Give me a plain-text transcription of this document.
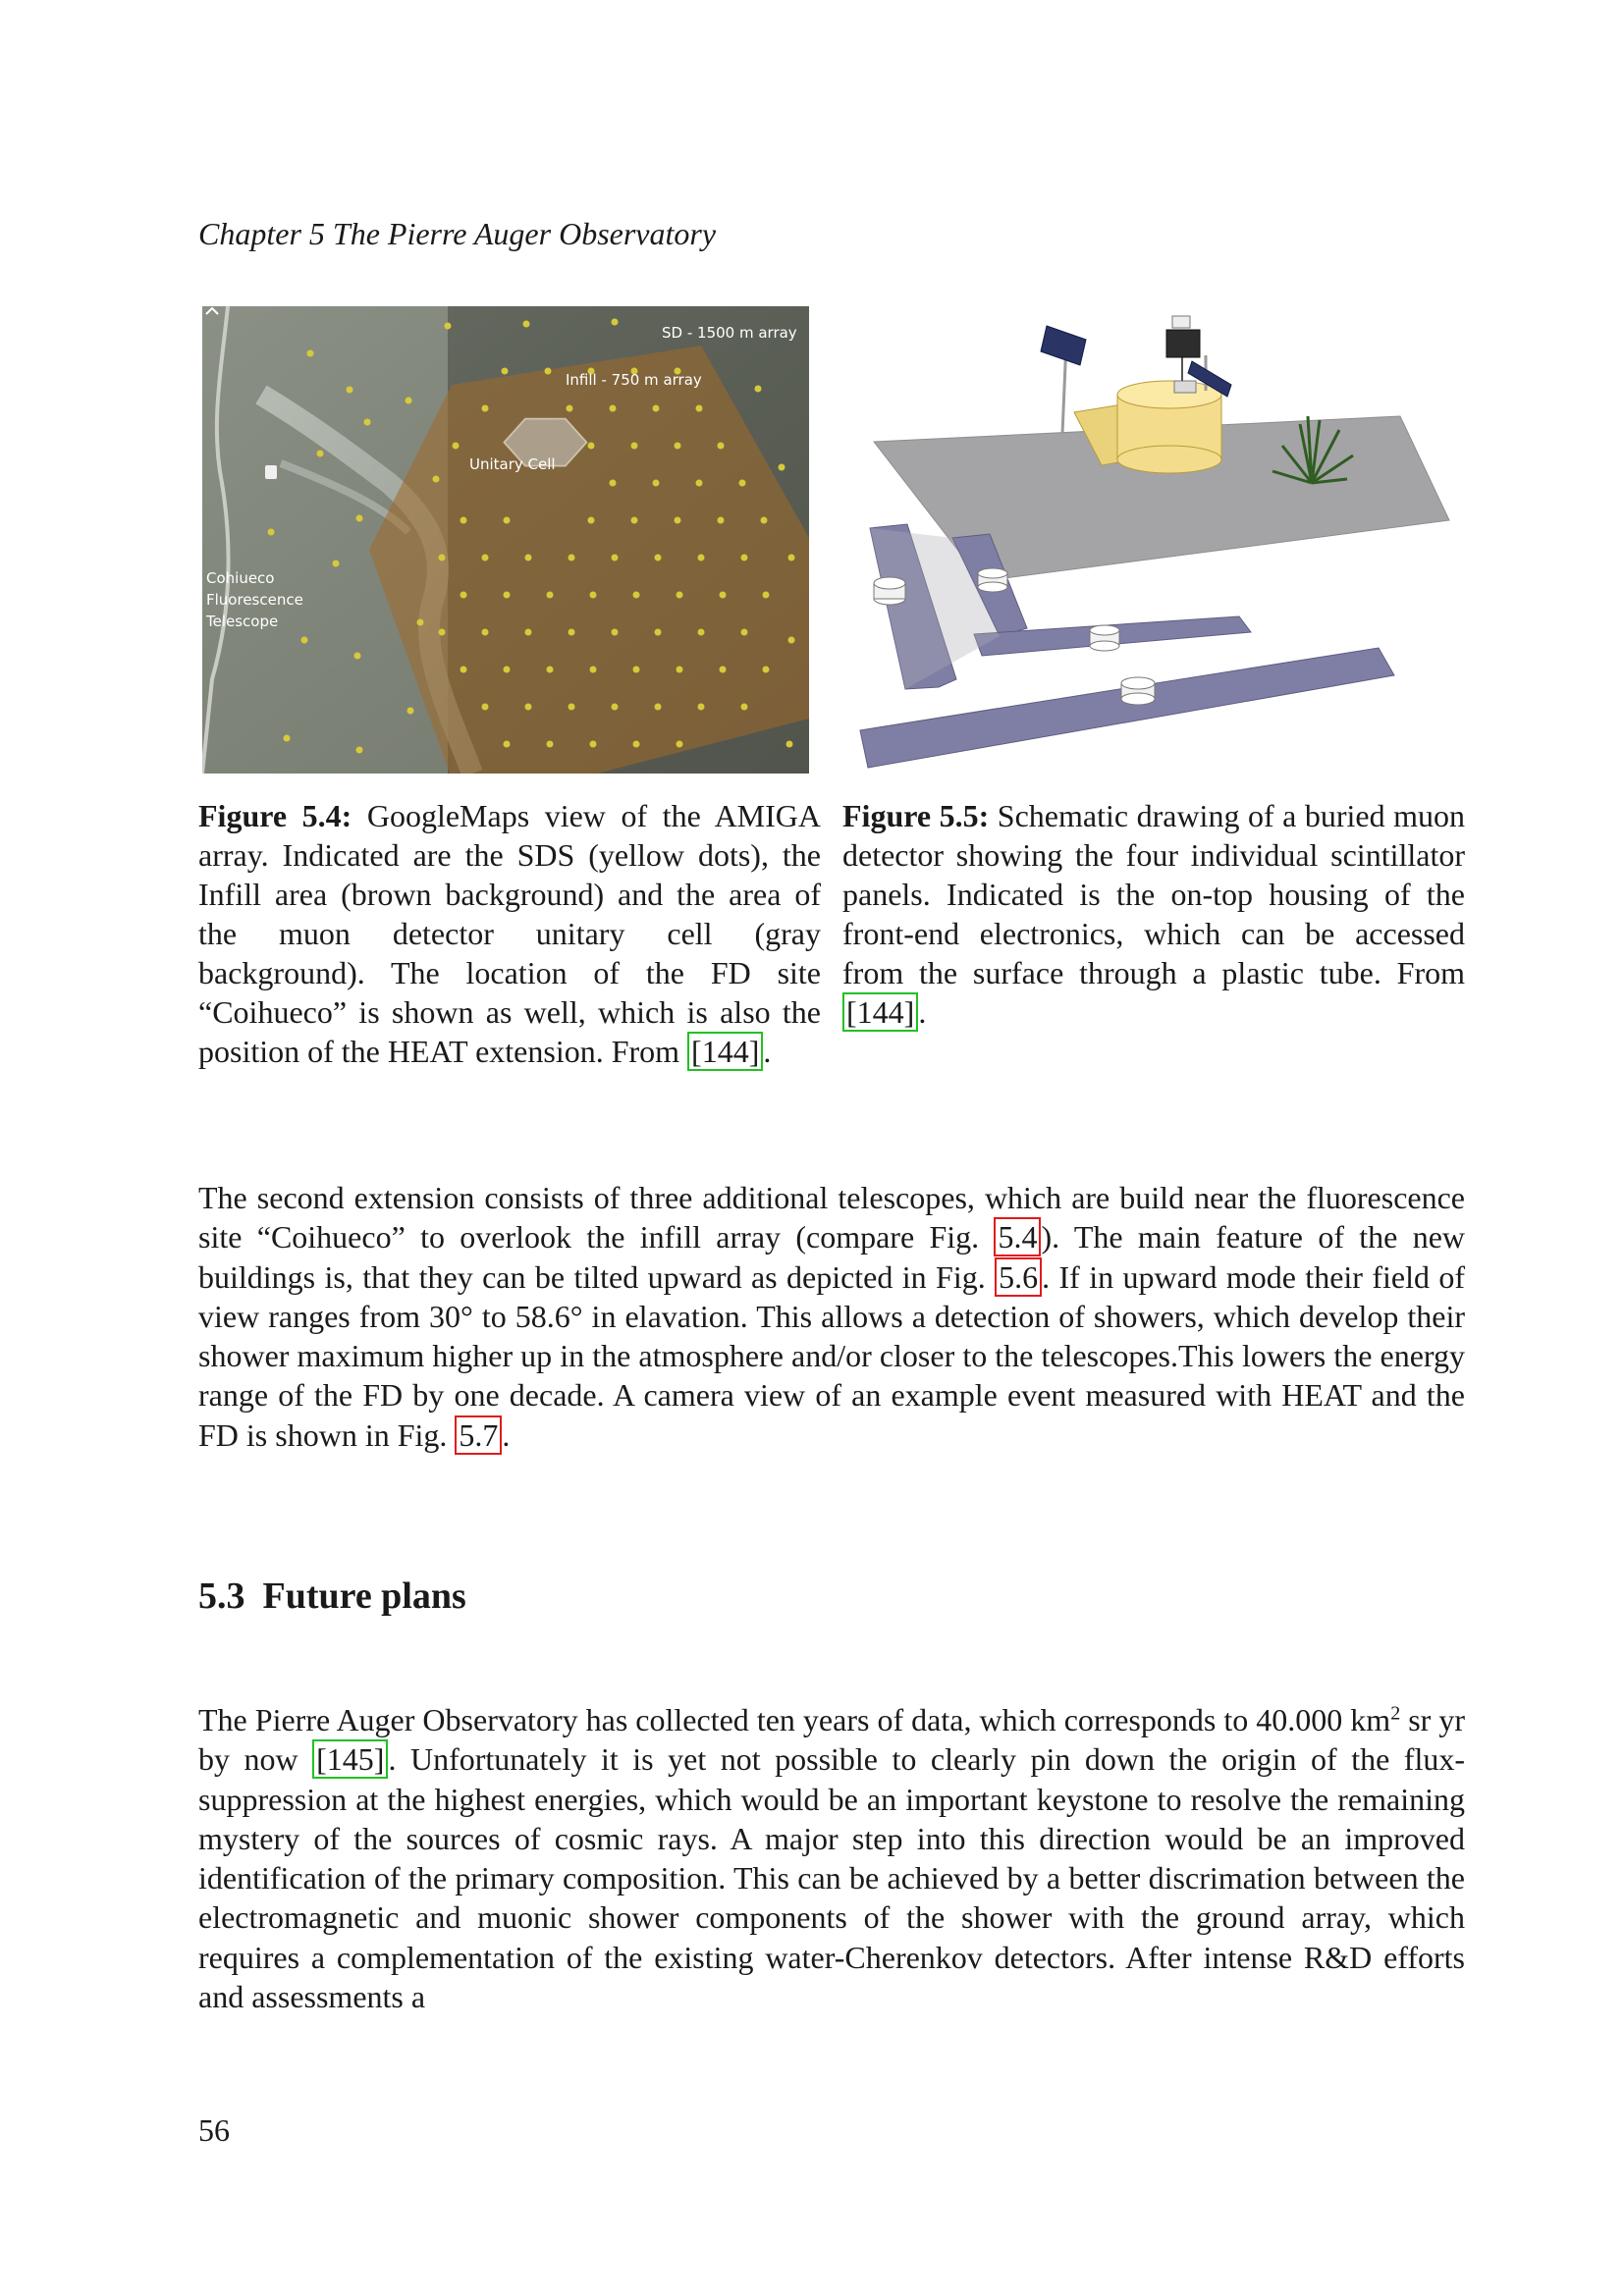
Chapter 5 The Pierre Auger Observatory
SD - 1500 m array
Infill - 750 m array
Unitary Cell
Cohiueco
Fluorescence
Telescope
Figure 5.4: GoogleMaps view of the AMIGA array. Indicated are the SDS (yellow dots), the Infill area (brown background) and the area of the muon detector unitary cell (gray background). The location of the FD site “Coihueco” is shown as well, which is also the position of the HEAT extension. From [144] .
Figure 5.5: Schematic drawing of a buried muon detector showing the four individual scintillator panels. Indicated is the on-top housing of the front-end electronics, which can be accessed from the surface through a plastic tube. From [144] .
The second extension consists of three additional telescopes, which are build near the fluorescence site “Coihueco” to overlook the infill array (compare Fig. 5.4 ). The main feature of the new buildings is, that they can be tilted upward as depicted in Fig. 5.6 . If in upward mode their field of view ranges from 30° to 58.6° in elavation. This allows a detection of showers, which develop their shower maximum higher up in the atmosphere and/or closer to the telescopes.This lowers the energy range of the FD by one decade. A camera view of an example event measured with HEAT and the FD is shown in Fig. 5.7 .
5.3 Future plans
The Pierre Auger Observatory has collected ten years of data, which corresponds to 40.000 $km^2$ sr yr by now [145] . Unfortunately it is yet not possible to clearly pin down the origin of the flux-suppression at the highest energies, which would be an important keystone to resolve the remaining mystery of the sources of cosmic rays. A major step into this direction would be an improved identification of the primary composition. This can be achieved by a better discrimation between the electromagnetic and muonic shower components of the shower with the ground array, which requires a complementation of the existing water-Cherenkov detectors. After intense R&D efforts and assessments a
56
